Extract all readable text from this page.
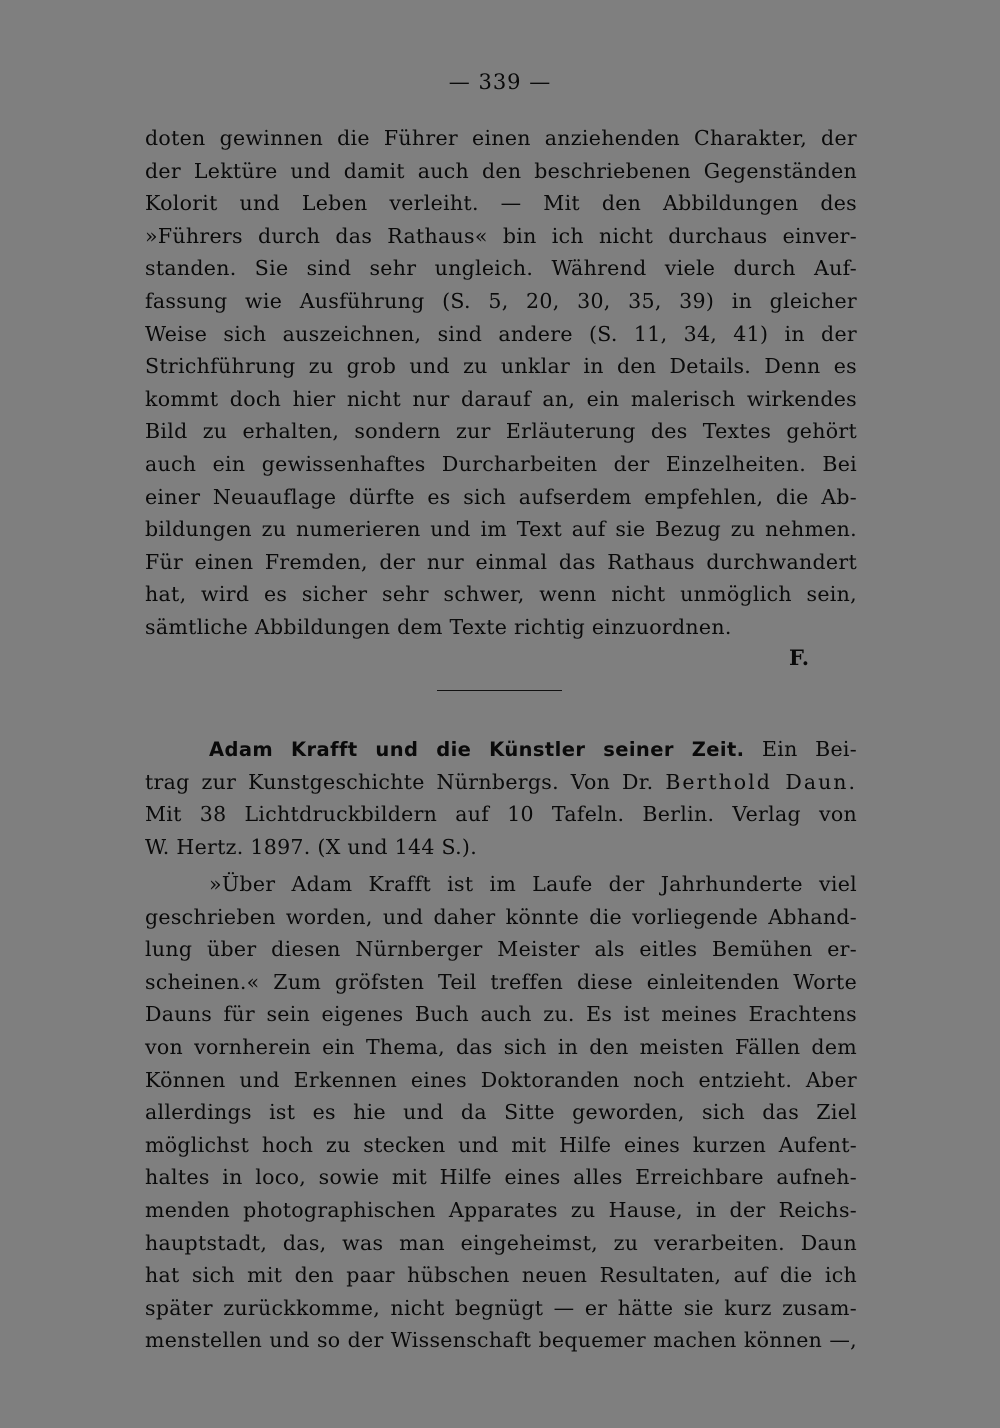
— 339 —
doten gewinnen die Führer einen anziehenden Charakter, der
der Lektüre und damit auch den beschriebenen Gegenständen
Kolorit und Leben verleiht. — Mit den Abbildungen des
»Führers durch das Rathaus« bin ich nicht durchaus einver-
standen. Sie sind sehr ungleich. Während viele durch Auf-
fassung wie Ausführung (S. 5, 20, 30, 35, 39) in gleicher
Weise sich auszeichnen, sind andere (S. 11, 34, 41) in der
Strichführung zu grob und zu unklar in den Details. Denn es
kommt doch hier nicht nur darauf an, ein malerisch wirkendes
Bild zu erhalten, sondern zur Erläuterung des Textes gehört
auch ein gewissenhaftes Durcharbeiten der Einzelheiten. Bei
einer Neuauflage dürfte es sich aufserdem empfehlen, die Ab-
bildungen zu numerieren und im Text auf sie Bezug zu nehmen.
Für einen Fremden, der nur einmal das Rathaus durchwandert
hat, wird es sicher sehr schwer, wenn nicht unmöglich sein,
sämtliche Abbildungen dem Texte richtig einzuordnen.
F.
Adam Krafft und die Künstler seiner Zeit. Ein Bei-
trag zur Kunstgeschichte Nürnbergs. Von Dr. Berthold Daun.
Mit 38 Lichtdruckbildern auf 10 Tafeln. Berlin. Verlag von
W. Hertz. 1897. (X und 144 S.).
»Über Adam Krafft ist im Laufe der Jahrhunderte viel
geschrieben worden, und daher könnte die vorliegende Abhand-
lung über diesen Nürnberger Meister als eitles Bemühen er-
scheinen.« Zum gröfsten Teil treffen diese einleitenden Worte
Dauns für sein eigenes Buch auch zu. Es ist meines Erachtens
von vornherein ein Thema, das sich in den meisten Fällen dem
Können und Erkennen eines Doktoranden noch entzieht. Aber
allerdings ist es hie und da Sitte geworden, sich das Ziel
möglichst hoch zu stecken und mit Hilfe eines kurzen Aufent-
haltes in loco, sowie mit Hilfe eines alles Erreichbare aufneh-
menden photographischen Apparates zu Hause, in der Reichs-
hauptstadt, das, was man eingeheimst, zu verarbeiten. Daun
hat sich mit den paar hübschen neuen Resultaten, auf die ich
später zurückkomme, nicht begnügt — er hätte sie kurz zusam-
menstellen und so der Wissenschaft bequemer machen können —,
